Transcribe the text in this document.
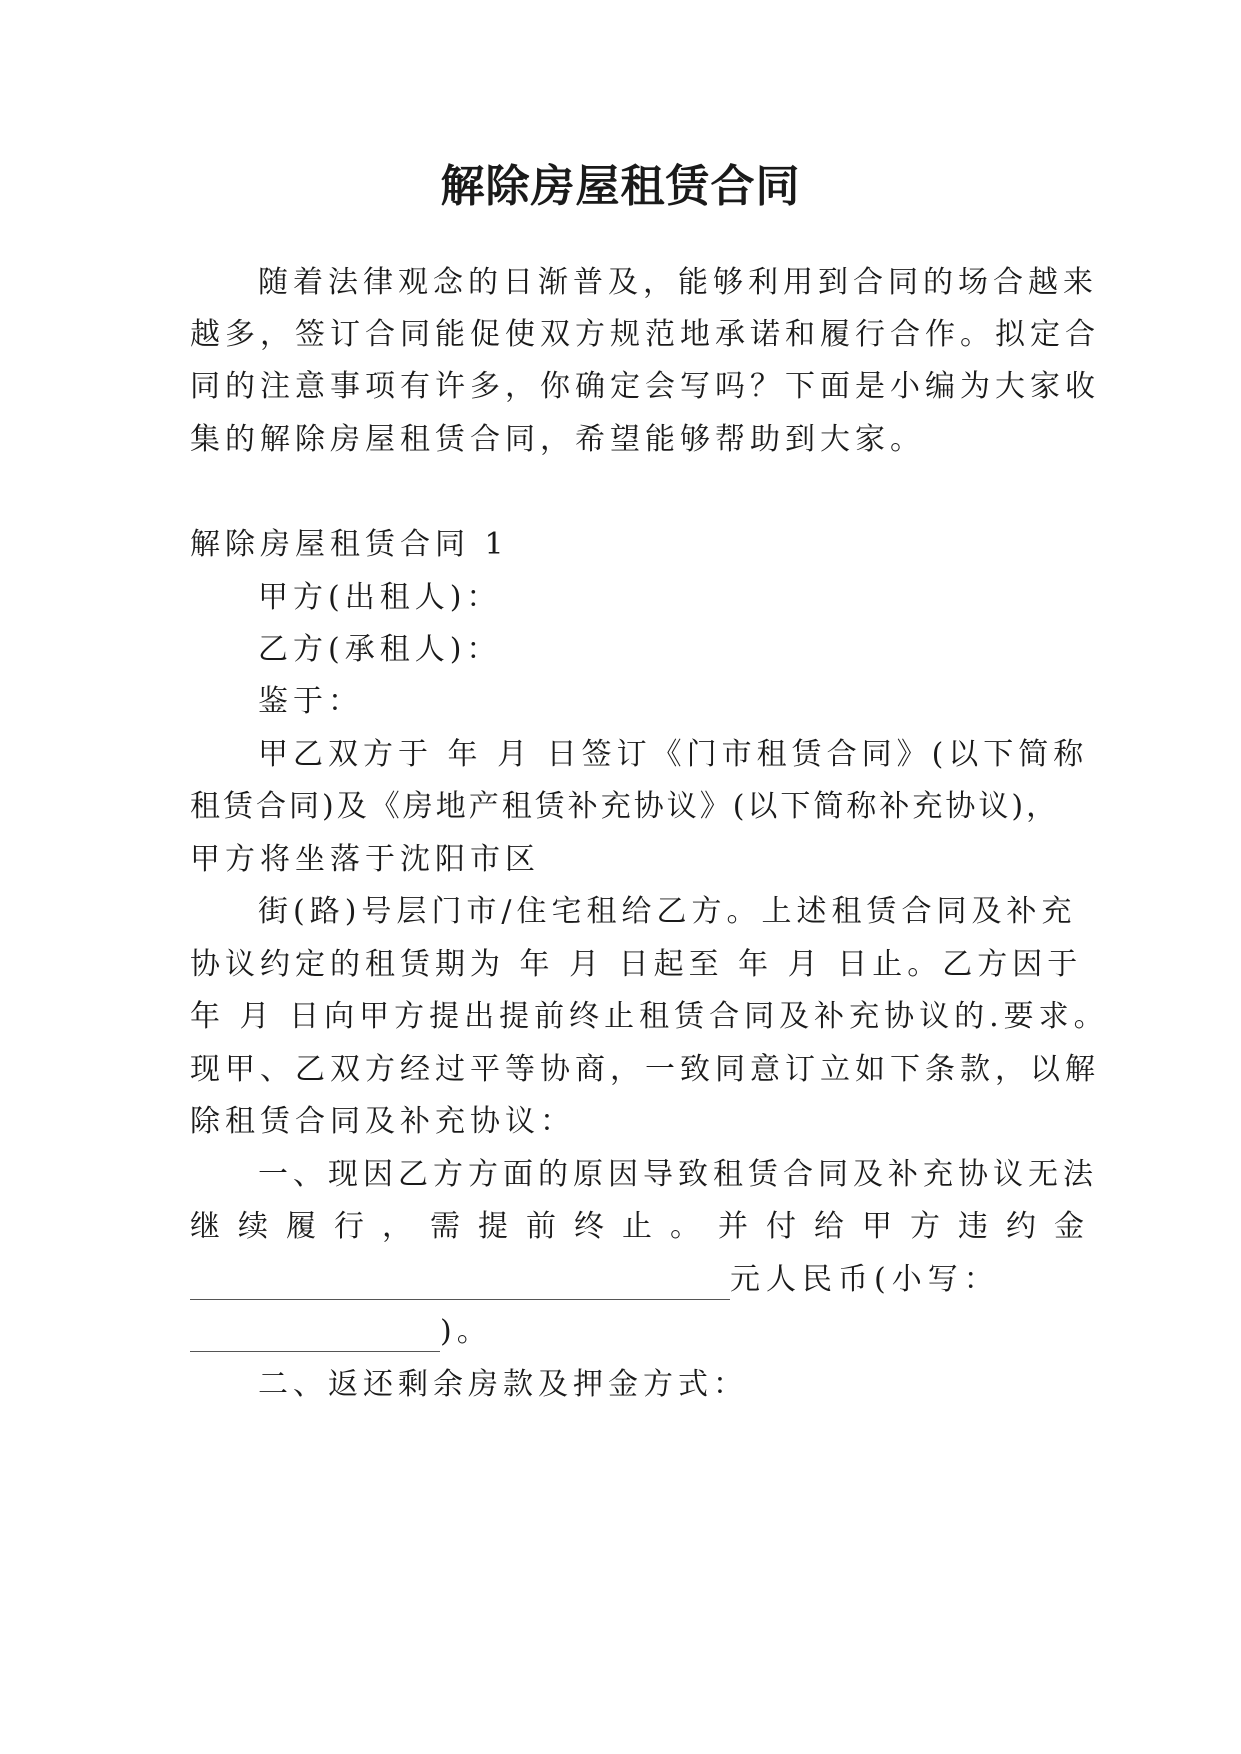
解除房屋租赁合同
随着法律观念的日渐普及，能够利用到合同的场合越来
越多，签订合同能促使双方规范地承诺和履行合作。拟定合
同的注意事项有许多，你确定会写吗？下面是小编为大家收
集的解除房屋租赁合同，希望能够帮助到大家。
解除房屋租赁合同 1
甲方(出租人)：
乙方(承租人)：
鉴于：
甲乙双方于 年 月 日签订《门市租赁合同》(以下简称
租赁合同)及《房地产租赁补充协议》(以下简称补充协议)，
甲方将坐落于沈阳市区
街(路)号层门市/住宅租给乙方。上述租赁合同及补充
协议约定的租赁期为 年 月 日起至 年 月 日止。乙方因于
年 月 日向甲方提出提前终止租赁合同及补充协议的.要求。
现甲、乙双方经过平等协商，一致同意订立如下条款，以解
除租赁合同及补充协议：
一、现因乙方方面的原因导致租赁合同及补充协议无法
继续履行，需提前终止。并付给甲方违约金
元人民币(小写：
)。
二、返还剩余房款及押金方式：
